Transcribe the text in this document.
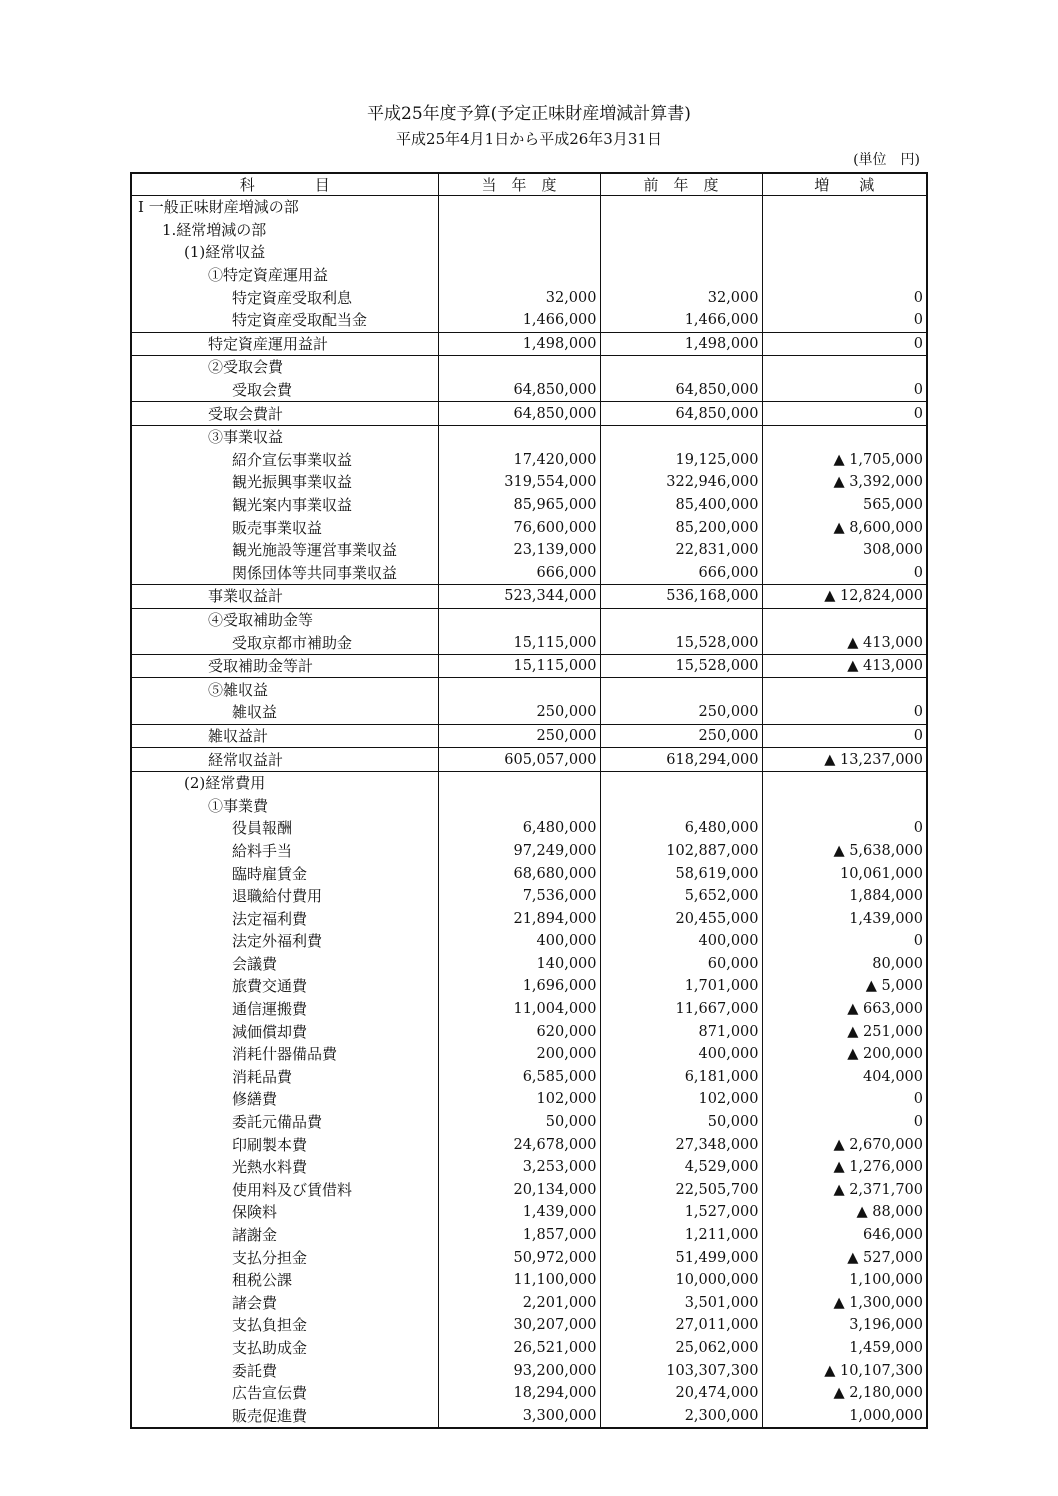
平成25年度予算(予定正味財産増減計算書)
平成25年4月1日から平成26年3月31日
(単位　円)
科　　　　目	当　年　度	前　年　度	増　　減
Ⅰ 一般正味財産増減の部			
1.経常増減の部			
(1)経常収益			
①特定資産運用益			
特定資産受取利息	32,000	32,000	0
特定資産受取配当金	1,466,000	1,466,000	0
特定資産運用益計	1,498,000	1,498,000	0
②受取会費			
受取会費	64,850,000	64,850,000	0
受取会費計	64,850,000	64,850,000	0
③事業収益			
紹介宣伝事業収益	17,420,000	19,125,000	▲ 1,705,000
観光振興事業収益	319,554,000	322,946,000	▲ 3,392,000
観光案内事業収益	85,965,000	85,400,000	565,000
販売事業収益	76,600,000	85,200,000	▲ 8,600,000
観光施設等運営事業収益	23,139,000	22,831,000	308,000
関係団体等共同事業収益	666,000	666,000	0
事業収益計	523,344,000	536,168,000	▲ 12,824,000
④受取補助金等			
受取京都市補助金	15,115,000	15,528,000	▲ 413,000
受取補助金等計	15,115,000	15,528,000	▲ 413,000
⑤雑収益			
雑収益	250,000	250,000	0
雑収益計	250,000	250,000	0
経常収益計	605,057,000	618,294,000	▲ 13,237,000
(2)経常費用			
①事業費			
役員報酬	6,480,000	6,480,000	0
給料手当	97,249,000	102,887,000	▲ 5,638,000
臨時雇賃金	68,680,000	58,619,000	10,061,000
退職給付費用	7,536,000	5,652,000	1,884,000
法定福利費	21,894,000	20,455,000	1,439,000
法定外福利費	400,000	400,000	0
会議費	140,000	60,000	80,000
旅費交通費	1,696,000	1,701,000	▲ 5,000
通信運搬費	11,004,000	11,667,000	▲ 663,000
減価償却費	620,000	871,000	▲ 251,000
消耗什器備品費	200,000	400,000	▲ 200,000
消耗品費	6,585,000	6,181,000	404,000
修繕費	102,000	102,000	0
委託元備品費	50,000	50,000	0
印刷製本費	24,678,000	27,348,000	▲ 2,670,000
光熱水料費	3,253,000	4,529,000	▲ 1,276,000
使用料及び賃借料	20,134,000	22,505,700	▲ 2,371,700
保険料	1,439,000	1,527,000	▲ 88,000
諸謝金	1,857,000	1,211,000	646,000
支払分担金	50,972,000	51,499,000	▲ 527,000
租税公課	11,100,000	10,000,000	1,100,000
諸会費	2,201,000	3,501,000	▲ 1,300,000
支払負担金	30,207,000	27,011,000	3,196,000
支払助成金	26,521,000	25,062,000	1,459,000
委託費	93,200,000	103,307,300	▲ 10,107,300
広告宣伝費	18,294,000	20,474,000	▲ 2,180,000
販売促進費	3,300,000	2,300,000	1,000,000
